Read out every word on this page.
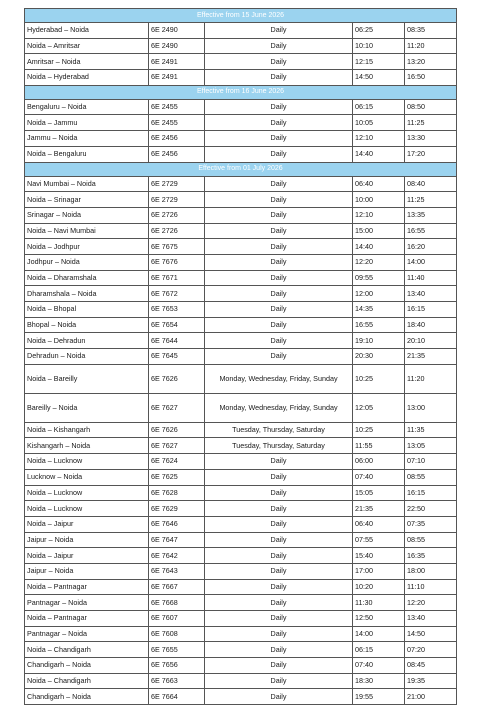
Effective from 15 June 2026				
Hyderabad – Noida	6E 2490	Daily	06:25	08:35
Noida – Amritsar	6E 2490	Daily	10:10	11:20
Amritsar – Noida	6E 2491	Daily	12:15	13:20
Noida – Hyderabad	6E 2491	Daily	14:50	16:50
Effective from 16 June 2026				
Bengaluru – Noida	6E 2455	Daily	06:15	08:50
Noida – Jammu	6E 2455	Daily	10:05	11:25
Jammu – Noida	6E 2456	Daily	12:10	13:30
Noida – Bengaluru	6E 2456	Daily	14:40	17:20
Effective from 01 July 2026				
Navi Mumbai – Noida	6E 2729	Daily	06:40	08:40
Noida – Srinagar	6E 2729	Daily	10:00	11:25
Srinagar – Noida	6E 2726	Daily	12:10	13:35
Noida – Navi Mumbai	6E 2726	Daily	15:00	16:55
Noida – Jodhpur	6E 7675	Daily	14:40	16:20
Jodhpur – Noida	6E 7676	Daily	12:20	14:00
Noida – Dharamshala	6E 7671	Daily	09:55	11:40
Dharamshala – Noida	6E 7672	Daily	12:00	13:40
Noida – Bhopal	6E 7653	Daily	14:35	16:15
Bhopal – Noida	6E 7654	Daily	16:55	18:40
Noida – Dehradun	6E 7644	Daily	19:10	20:10
Dehradun – Noida	6E 7645	Daily	20:30	21:35
Noida – Bareilly	6E 7626	Monday, Wednesday, Friday, Sunday	10:25	11:20
Bareilly – Noida	6E 7627	Monday, Wednesday, Friday, Sunday	12:05	13:00
Noida – Kishangarh	6E 7626	Tuesday, Thursday, Saturday	10:25	11:35
Kishangarh – Noida	6E 7627	Tuesday, Thursday, Saturday	11:55	13:05
Noida – Lucknow	6E 7624	Daily	06:00	07:10
Lucknow – Noida	6E 7625	Daily	07:40	08:55
Noida – Lucknow	6E 7628	Daily	15:05	16:15
Noida – Lucknow	6E 7629	Daily	21:35	22:50
Noida – Jaipur	6E 7646	Daily	06:40	07:35
Jaipur – Noida	6E 7647	Daily	07:55	08:55
Noida – Jaipur	6E 7642	Daily	15:40	16:35
Jaipur – Noida	6E 7643	Daily	17:00	18:00
Noida – Pantnagar	6E 7667	Daily	10:20	11:10
Pantnagar – Noida	6E 7668	Daily	11:30	12:20
Noida – Pantnagar	6E 7607	Daily	12:50	13:40
Pantnagar – Noida	6E 7608	Daily	14:00	14:50
Noida – Chandigarh	6E 7655	Daily	06:15	07:20
Chandigarh – Noida	6E 7656	Daily	07:40	08:45
Noida – Chandigarh	6E 7663	Daily	18:30	19:35
Chandigarh – Noida	6E 7664	Daily	19:55	21:00
